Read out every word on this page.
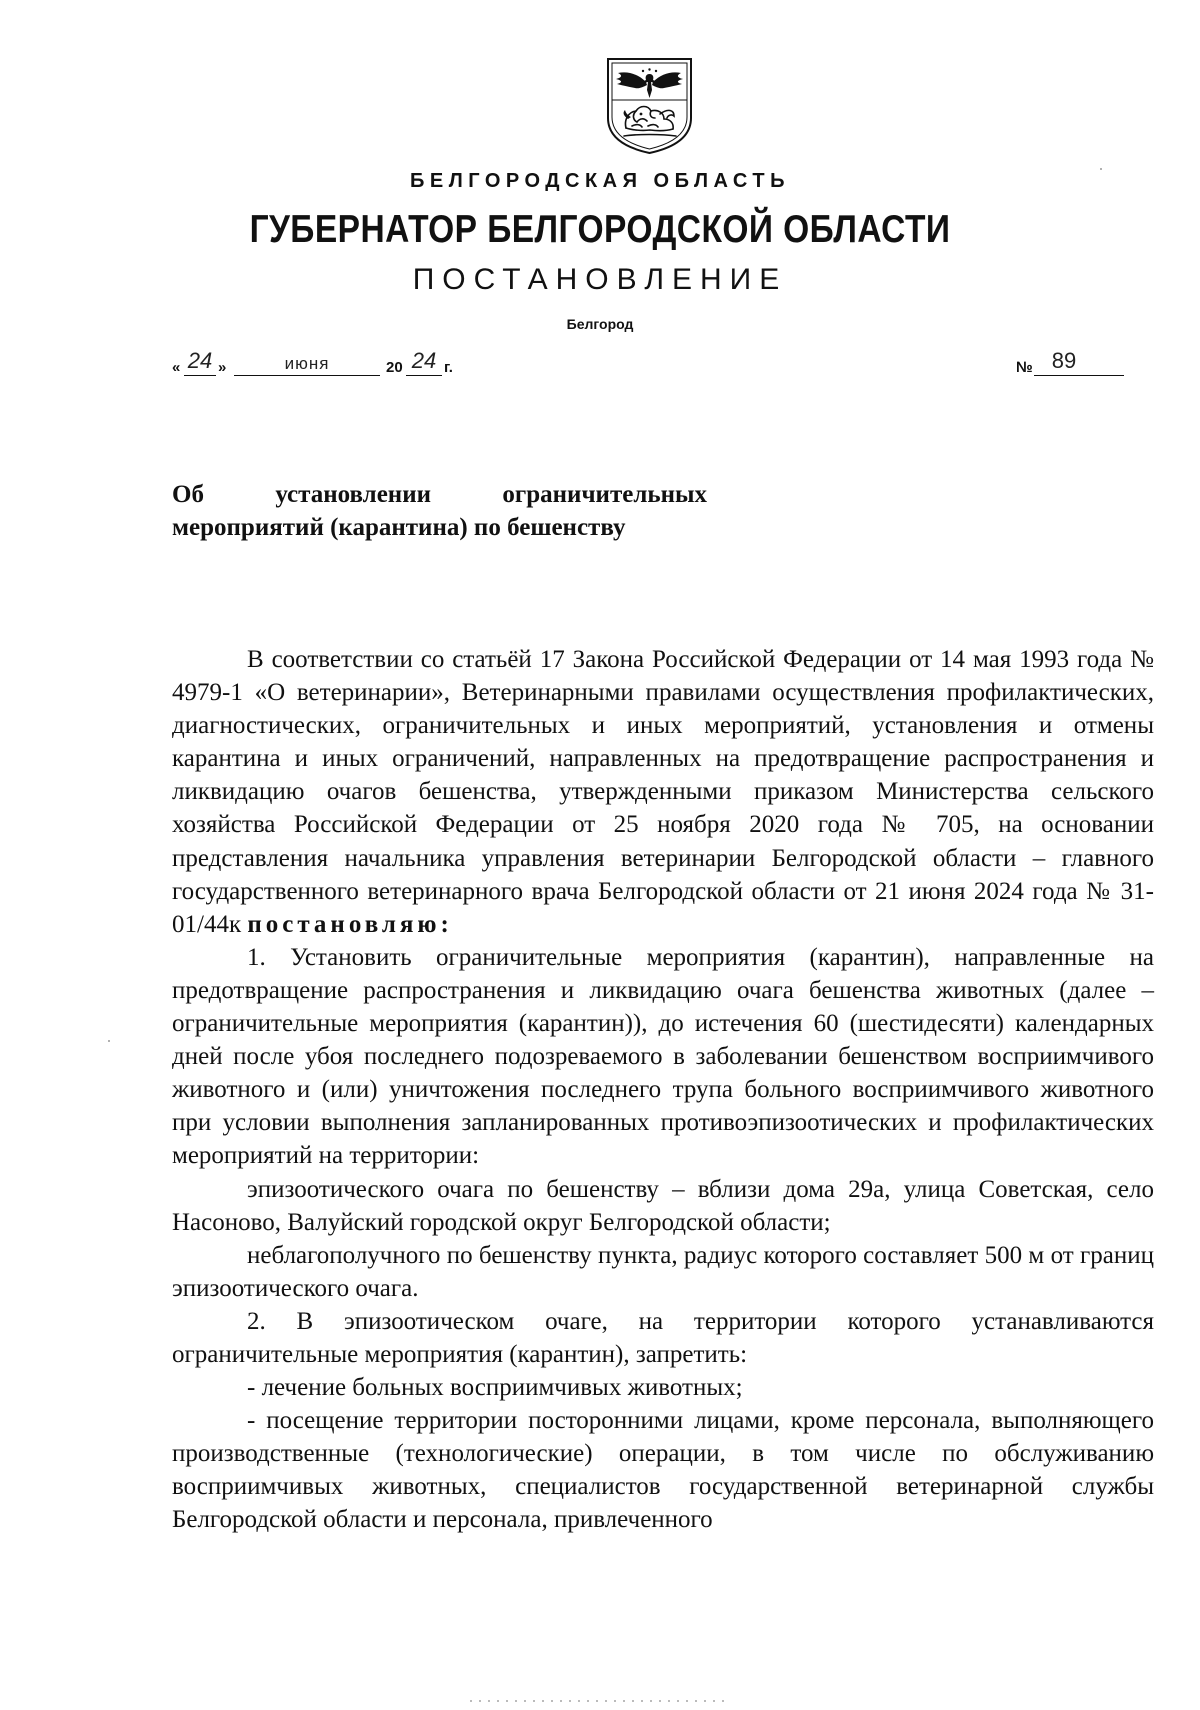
БЕЛГОРОДСКАЯ ОБЛАСТЬ

ГУБЕРНАТОР БЕЛГОРОДСКОЙ ОБЛАСТИ

ПОСТАНОВЛЕНИЕ

Белгород

« 24 »	июня	20 24 г.	№ 89
Об установлении ограничительных
мероприятий (карантина) по бешенству

В соответствии со статьёй 17 Закона Российской Федерации от 14 мая 1993 года № 4979-1 «О ветеринарии», Ветеринарными правилами осуществления профилактических, диагностических, ограничительных и иных мероприятий, установления и отмены карантина и иных ограничений, направленных на предотвращение распространения и ликвидацию очагов бешенства, утвержденными приказом Министерства сельского хозяйства Российской Федерации от 25 ноября 2020 года № 705, на основании представления начальника управления ветеринарии Белгородской области – главного государственного ветеринарного врача Белгородской области от 21 июня 2024 года № 31-01/44к постановляю:

1. Установить ограничительные мероприятия (карантин), направленные на предотвращение распространения и ликвидацию очага бешенства животных (далее – ограничительные мероприятия (карантин)), до истечения 60 (шестидесяти) календарных дней после убоя последнего подозреваемого в заболевании бешенством восприимчивого животного и (или) уничтожения последнего трупа больного восприимчивого животного при условии выполнения запланированных противоэпизоотических и профилактических мероприятий на территории:

эпизоотического очага по бешенству – вблизи дома 29а, улица Советская, село Насоново, Валуйский городской округ Белгородской области;

неблагополучного по бешенству пункта, радиус которого составляет 500 м от границ эпизоотического очага.

2. В эпизоотическом очаге, на территории которого устанавливаются ограничительные мероприятия (карантин), запретить:

- лечение больных восприимчивых животных;

- посещение территории посторонними лицами, кроме персонала, выполняющего производственные (технологические) операции, в том числе по обслуживанию восприимчивых животных, специалистов государственной ветеринарной службы Белгородской области и персонала, привлеченного
